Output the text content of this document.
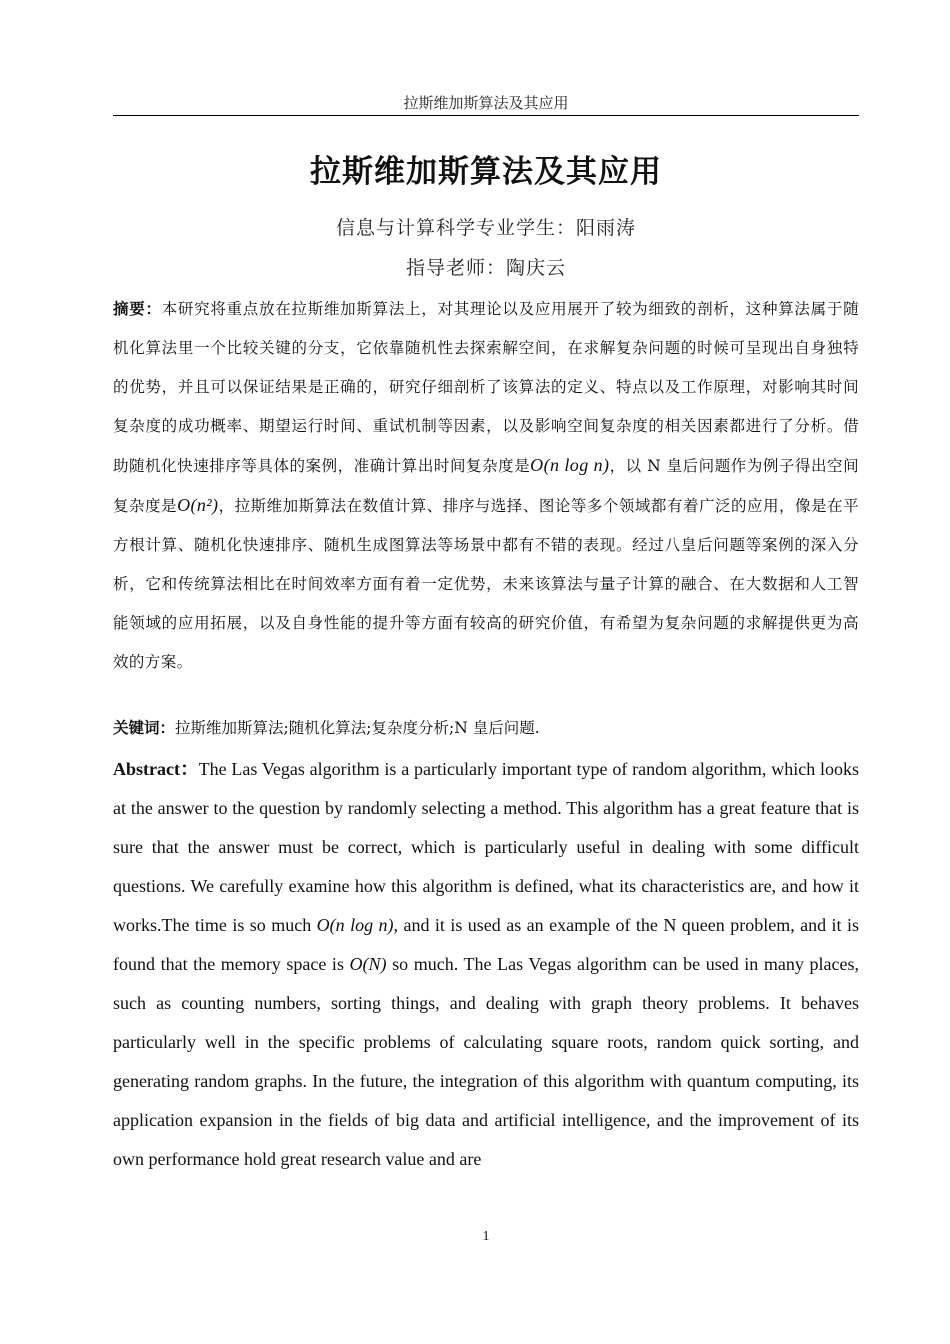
拉斯维加斯算法及其应用
拉斯维加斯算法及其应用
信息与计算科学专业学生：阳雨涛
指导老师：陶庆云
摘要：本研究将重点放在拉斯维加斯算法上，对其理论以及应用展开了较为细致的剖析，这种算法属于随机化算法里一个比较关键的分支，它依靠随机性去探索解空间，在求解复杂问题的时候可呈现出自身独特的优势，并且可以保证结果是正确的，研究仔细剖析了该算法的定义、特点以及工作原理，对影响其时间复杂度的成功概率、期望运行时间、重试机制等因素，以及影响空间复杂度的相关因素都进行了分析。借助随机化快速排序等具体的案例，准确计算出时间复杂度是O(n log n)，以 N 皇后问题作为例子得出空间复杂度是O(n²)，拉斯维加斯算法在数值计算、排序与选择、图论等多个领域都有着广泛的应用，像是在平方根计算、随机化快速排序、随机生成图算法等场景中都有不错的表现。经过八皇后问题等案例的深入分析，它和传统算法相比在时间效率方面有着一定优势，未来该算法与量子计算的融合、在大数据和人工智能领域的应用拓展，以及自身性能的提升等方面有较高的研究价值，有希望为复杂问题的求解提供更为高效的方案。
关键词：拉斯维加斯算法;随机化算法;复杂度分析;N 皇后问题.
Abstract：The Las Vegas algorithm is a particularly important type of random algorithm, which looks at the answer to the question by randomly selecting a method. This algorithm has a great feature that is sure that the answer must be correct, which is particularly useful in dealing with some difficult questions. We carefully examine how this algorithm is defined, what its characteristics are, and how it works.The time is so much O(n log n), and it is used as an example of the N queen problem, and it is found that the memory space is O(N) so much. The Las Vegas algorithm can be used in many places, such as counting numbers, sorting things, and dealing with graph theory problems. It behaves particularly well in the specific problems of calculating square roots, random quick sorting, and generating random graphs. In the future, the integration of this algorithm with quantum computing, its application expansion in the fields of big data and artificial intelligence, and the improvement of its own performance hold great research value and are
1
